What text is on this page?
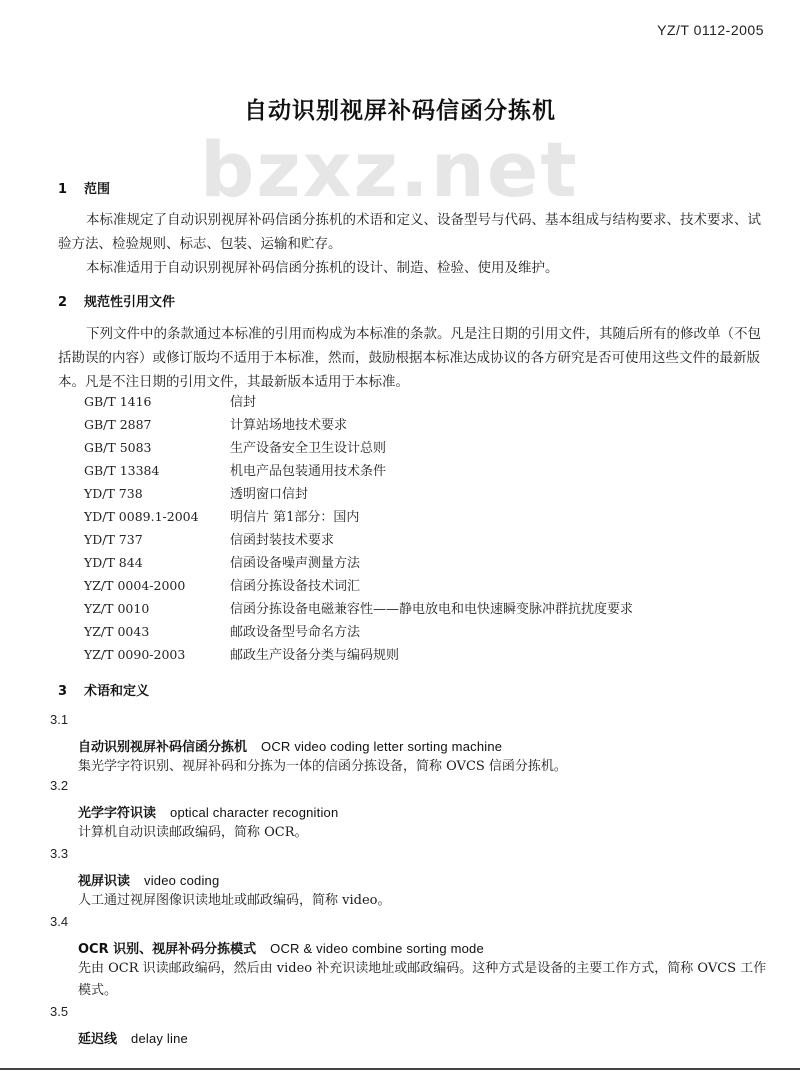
YZ/T 0112-2005
自动识别视屏补码信函分拣机
bzxz.net
1 范围
本标准规定了自动识别视屏补码信函分拣机的术语和定义、设备型号与代码、基本组成与结构要求、技术要求、试验方法、检验规则、标志、包装、运输和贮存。
本标准适用于自动识别视屏补码信函分拣机的设计、制造、检验、使用及维护。
2 规范性引用文件
下列文件中的条款通过本标准的引用而构成为本标准的条款。凡是注日期的引用文件，其随后所有的修改单（不包括勘误的内容）或修订版均不适用于本标准，然而，鼓励根据本标准达成协议的各方研究是否可使用这些文件的最新版本。凡是不注日期的引用文件，其最新版本适用于本标准。
GB/T 1416	信封
GB/T 2887	计算站场地技术要求
GB/T 5083	生产设备安全卫生设计总则
GB/T 13384	机电产品包装通用技术条件
YD/T 738	透明窗口信封
YD/T 0089.1-2004 明信片 第1部分：国内
YD/T 737	信函封装技术要求
YD/T 844	信函设备噪声测量方法
YZ/T 0004-2000	信函分拣设备技术词汇
YZ/T 0010	信函分拣设备电磁兼容性——静电放电和电快速瞬变脉冲群抗扰度要求
YZ/T 0043	邮政设备型号命名方法
YZ/T 0090-2003	邮政生产设备分类与编码规则
3 术语和定义
3.1
自动识别视屏补码信函分拣机 OCR video coding letter sorting machine
集光学字符识别、视屏补码和分拣为一体的信函分拣设备，简称 OVCS 信函分拣机。
3.2
光学字符识读 optical character recognition
计算机自动识读邮政编码，简称 OCR。
3.3
视屏识读 video coding
人工通过视屏图像识读地址或邮政编码，简称 video。
3.4
OCR 识别、视屏补码分拣模式 OCR & video combine sorting mode
先由 OCR 识读邮政编码，然后由 video 补充识读地址或邮政编码。这种方式是设备的主要工作方式，简称 OVCS 工作模式。
3.5
延迟线 delay line
